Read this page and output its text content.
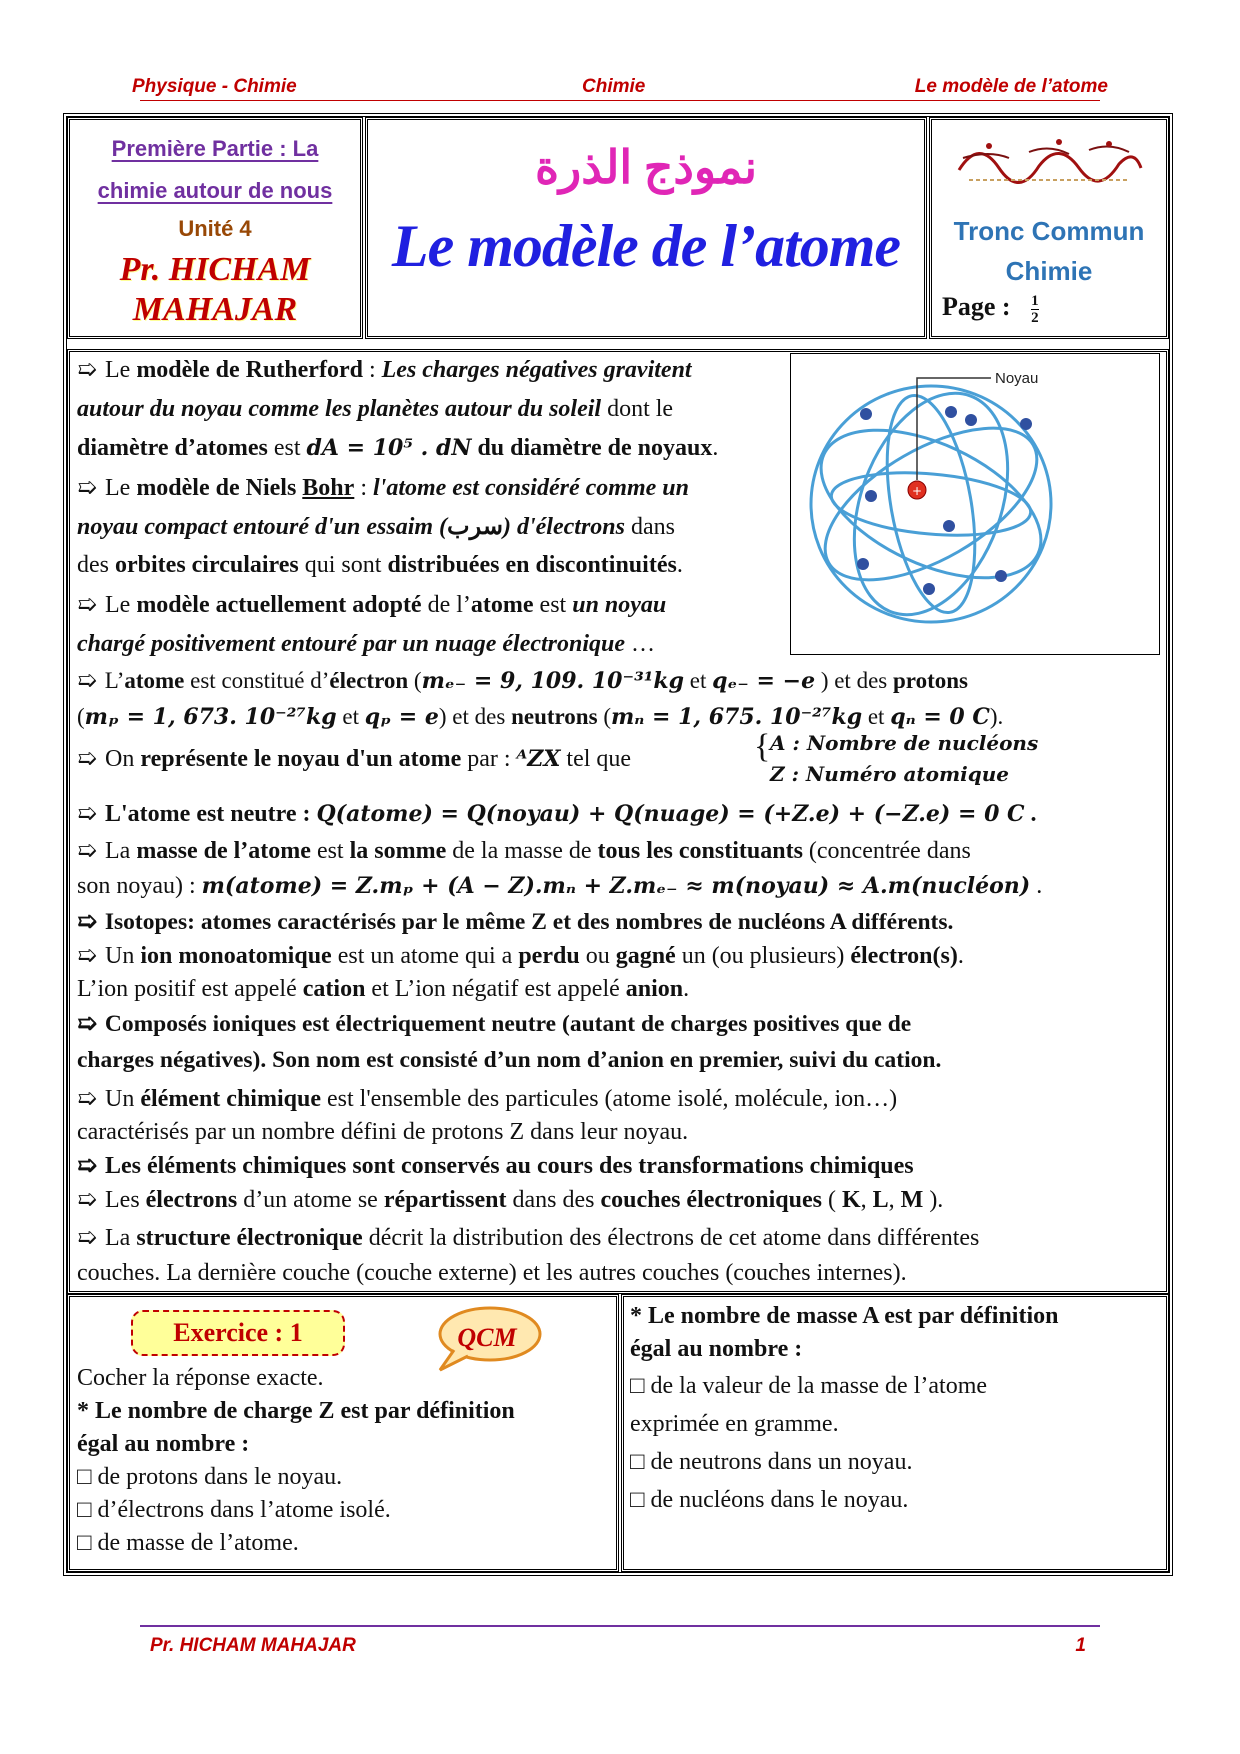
Physique - Chimie	Chimie	Le modèle de l’atome
Première Partie : La
chimie autour de nous
Unité 4
Pr. HICHAM
MAHAJAR
نموذج الذرة
Le modèle de l’atome	Tronc Commun
Chimie
Page : $\frac{1}{2}$
+
Noyau
➯ Le modèle de Rutherford : Les charges négatives gravitent
autour du noyau comme les planètes autour du soleil dont le
diamètre d’atomes est dA = 10⁵ . dN du diamètre de noyaux.
➯ Le modèle de Niels Bohr : l'atome est considéré comme un
noyau compact entouré d'un essaim (سرب) d'électrons dans
des orbites circulaires qui sont distribuées en discontinuités.
➯ Le modèle actuellement adopté de l’atome est un noyau
chargé positivement entouré par un nuage électronique …
➯ L’atome est constitué d’électron (mₑ₋ = 9, 109. 10⁻³¹kg et qₑ₋ = −e ) et des protons
(mₚ = 1, 673. 10⁻²⁷kg et qₚ = e) et des neutrons (mₙ = 1, 675. 10⁻²⁷kg et qₙ = 0 C).
➯ On représente le noyau d'un atome par : ᴬZX tel que	{ A : Nombre de nucléons
Z : Numéro atomique
➯ L'atome est neutre : Q(atome) = Q(noyau) + Q(nuage) = (+Z.e) + (−Z.e) = 0 C .
➯ La masse de l’atome est la somme de la masse de tous les constituants (concentrée dans
son noyau) : m(atome) = Z.mₚ + (A − Z).mₙ + Z.mₑ₋ ≈ m(noyau) ≈ A.m(nucléon) .
➯ Isotopes: atomes caractérisés par le même Z et des nombres de nucléons A différents.
➯ Un ion monoatomique est un atome qui a perdu ou gagné un (ou plusieurs) électron(s).
L’ion positif est appelé cation et L’ion négatif est appelé anion.
➯ Composés ioniques est électriquement neutre (autant de charges positives que de
charges négatives). Son nom est consisté d’un nom d’anion en premier, suivi du cation.
➯ Un élément chimique est l'ensemble des particules (atome isolé, molécule, ion…)
caractérisés par un nombre défini de protons Z dans leur noyau.
➯ Les éléments chimiques sont conservés au cours des transformations chimiques
➯ Les électrons d’un atome se répartissent dans des couches électroniques ( K, L, M ).
➯ La structure électronique décrit la distribution des électrons de cet atome dans différentes
couches. La dernière couche (couche externe) et les autres couches (couches internes).
Exercice : 1	QCM
Cocher la réponse exacte.
* Le nombre de charge Z est par définition
égal au nombre :
□ de protons dans le noyau.
□ d’électrons dans l’atome isolé.
□ de masse de l’atome.
* Le nombre de masse A est par définition
égal au nombre :
□ de la valeur de la masse de l’atome
exprimée en gramme.
□ de neutrons dans un noyau.
□ de nucléons dans le noyau.
Pr. HICHAM MAHAJAR	1
